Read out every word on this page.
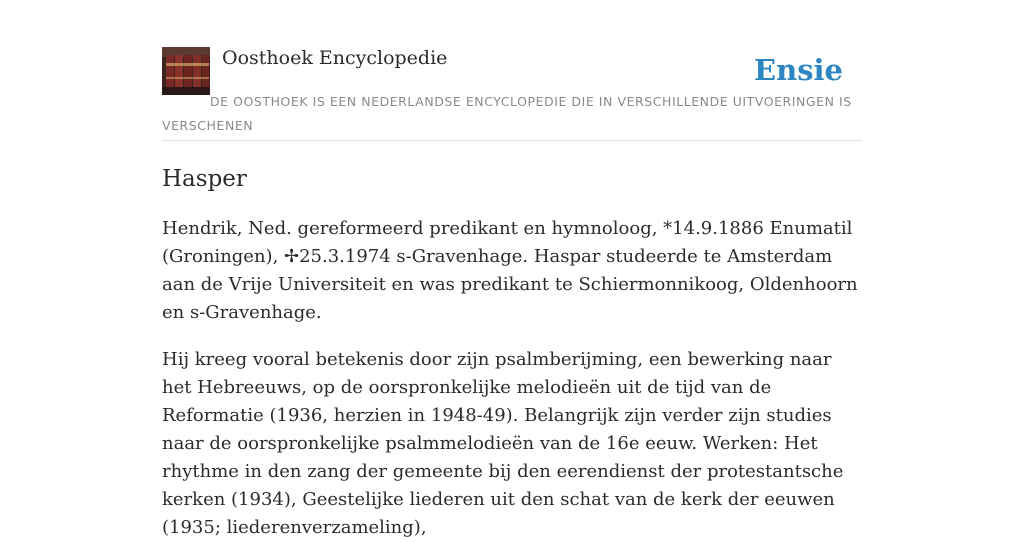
Oosthoek Encyclopedie	Ensie
DE OOSTHOEK IS EEN NEDERLANDSE ENCYCLOPEDIE DIE IN VERSCHILLENDE UITVOERINGEN IS VERSCHENEN
Hasper

Hendrik, Ned. gereformeerd predikant en hymnoloog, *14.9.1886 Enumatil (Groningen), ✢25.3.1974 s-Gravenhage. Haspar studeerde te Amsterdam aan de Vrije Universiteit en was predikant te Schiermonnikoog, Oldenhoorn en s-Gravenhage.

Hij kreeg vooral betekenis door zijn psalmberijming, een bewerking naar het Hebreeuws, op de oorspronkelijke melodieën uit de tijd van de Reformatie (1936, herzien in 1948-49). Belangrijk zijn verder zijn studies naar de oorspronkelijke psalmmelodieën van de 16e eeuw. Werken: Het rhythme in den zang der gemeente bij den eerendienst der protestantsche kerken (1934), Geestelijke liederen uit den schat van de kerk der eeuwen (1935; liederenverzameling),
